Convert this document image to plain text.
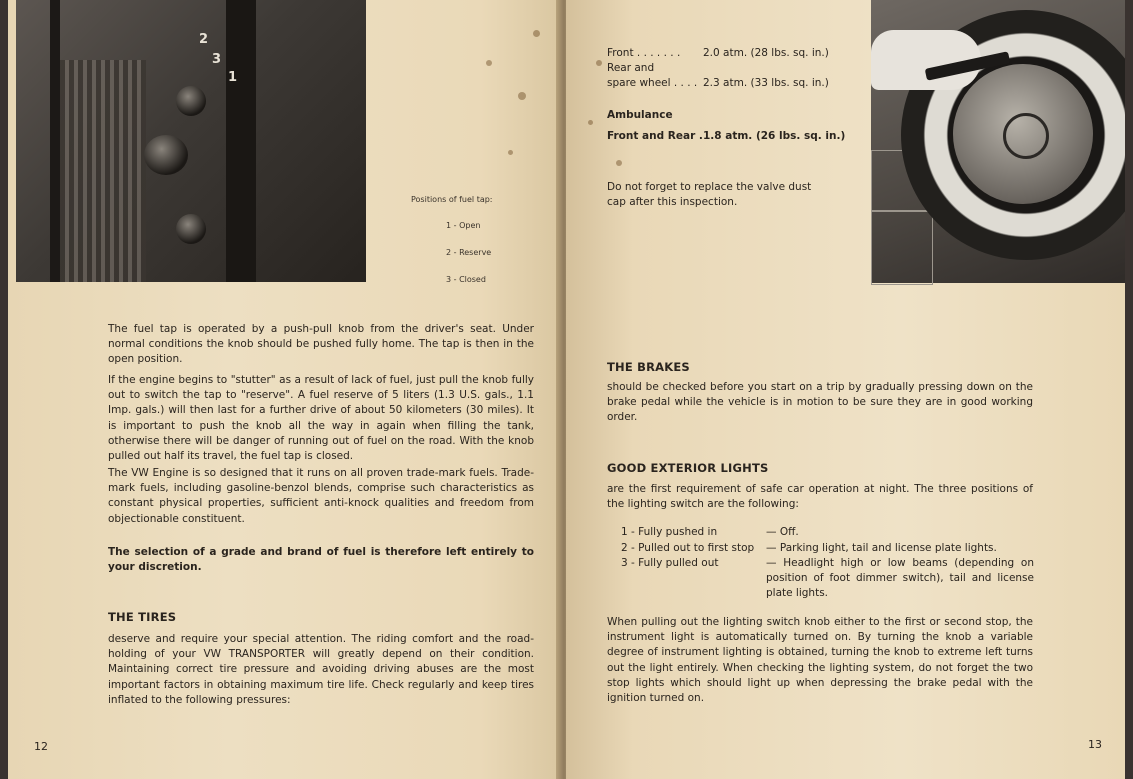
2
3
1
Positions of fuel tap:
1 - Open
2 - Reserve
3 - Closed

The fuel tap is operated by a push-pull knob from the driver's seat. Under normal conditions the knob should be pushed fully home. The tap is then in the open position.

If the engine begins to "stutter" as a result of lack of fuel, just pull the knob fully out to switch the tap to "reserve". A fuel reserve of 5 liters (1.3 U.S. gals., 1.1 Imp. gals.) will then last for a further drive of about 50 kilometers (30 miles). It is important to push the knob all the way in again when filling the tank, otherwise there will be danger of running out of fuel on the road. With the knob pulled out half its travel, the fuel tap is closed.

The VW Engine is so designed that it runs on all proven trade-mark fuels. Trade-mark fuels, including gasoline-benzol blends, comprise such characteristics as constant physical properties, sufficient anti-knock qualities and freedom from objectionable constituent.

The selection of a grade and brand of fuel is therefore left entirely to your discretion.

THE TIRES

deserve and require your special attention. The riding comfort and the road-holding of your VW TRANSPORTER will greatly depend on their condition. Maintaining correct tire pressure and avoiding driving abuses are the most important factors in obtaining maximum tire life. Check regularly and keep tires inflated to the following pressures:

12
Front . . . . . . . 2.0 atm. (28 lbs. sq. in.)
Rear and
spare wheel . . . . 2.3 atm. (33 lbs. sq. in.)
Ambulance
Front and Rear . 1.8 atm. (26 lbs. sq. in.)

Do not forget to replace the valve dust cap after this inspection.

THE BRAKES

should be checked before you start on a trip by gradually pressing down on the brake pedal while the vehicle is in motion to be sure they are in good working order.

GOOD EXTERIOR LIGHTS

are the first requirement of safe car operation at night. The three positions of the lighting switch are the following:

1 - Fully pushed in	— Off.
2 - Pulled out to first stop — Parking light, tail and license plate lights.
3 - Fully pulled out	— Headlight high or low beams (depending on position of foot dimmer switch), tail and license plate lights.

When pulling out the lighting switch knob either to the first or second stop, the instrument light is automatically turned on. By turning the knob a variable degree of instrument lighting is obtained, turning the knob to extreme left turns out the light entirely. When checking the lighting system, do not forget the two stop lights which should light up when depressing the brake pedal with the ignition turned on.

13
